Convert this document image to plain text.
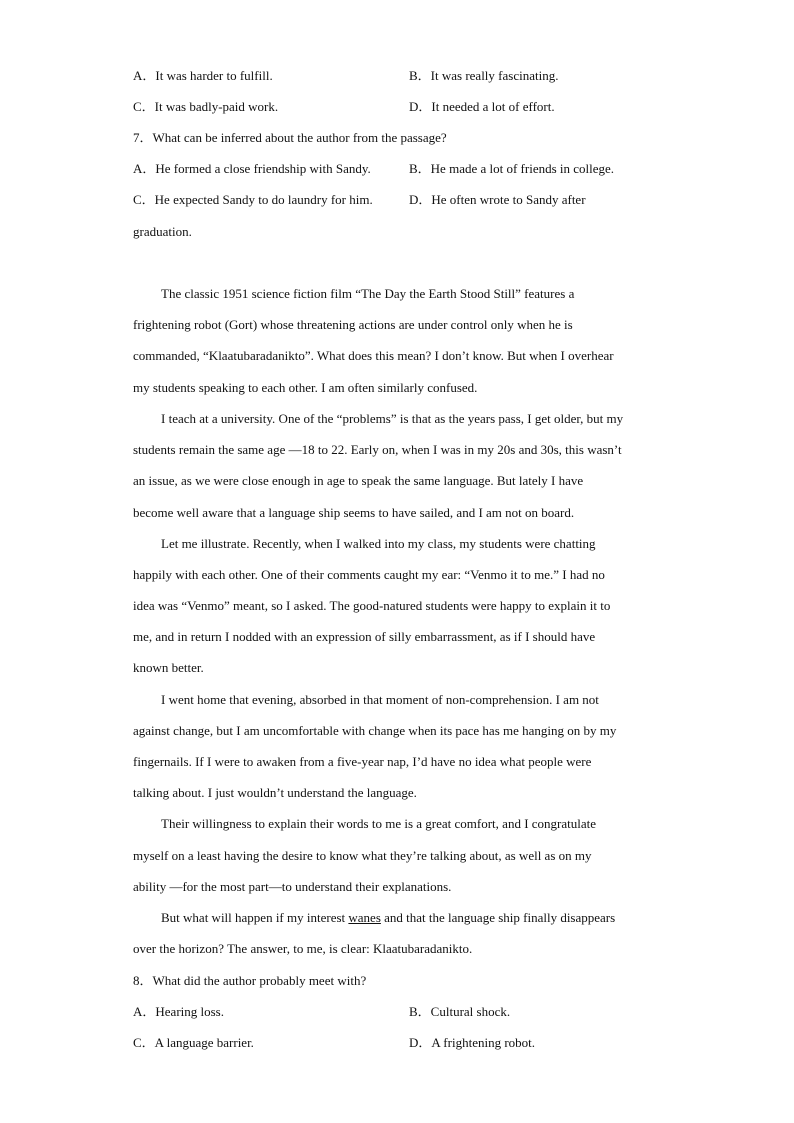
A．It was harder to fulfill.	B．It was really fascinating.
C．It was badly-paid work.	D．It needed a lot of effort.
7．What can be inferred about the author from the passage?
A．He formed a close friendship with Sandy.	B．He made a lot of friends in college.
C．He expected Sandy to do laundry for him.	D．He often wrote to Sandy after
graduation.
The classic 1951 science fiction film “The Day the Earth Stood Still” features a
frightening robot (Gort) whose threatening actions are under control only when he is
commanded, “Klaatubaradanikto”. What does this mean? I don’t know. But when I overhear
my students speaking to each other. I am often similarly confused.
I teach at a university. One of the “problems” is that as the years pass, I get older, but my
students remain the same age —18 to 22. Early on, when I was in my 20s and 30s, this wasn’t
an issue, as we were close enough in age to speak the same language. But lately I have
become well aware that a language ship seems to have sailed, and I am not on board.
Let me illustrate. Recently, when I walked into my class, my students were chatting
happily with each other. One of their comments caught my ear: “Venmo it to me.” I had no
idea was “Venmo” meant, so I asked. The good-natured students were happy to explain it to
me, and in return I nodded with an expression of silly embarrassment, as if I should have
known better.
I went home that evening, absorbed in that moment of non-comprehension. I am not
against change, but I am uncomfortable with change when its pace has me hanging on by my
fingernails. If I were to awaken from a five-year nap, I’d have no idea what people were
talking about. I just wouldn’t understand the language.
Their willingness to explain their words to me is a great comfort, and I congratulate
myself on a least having the desire to know what they’re talking about, as well as on my
ability —for the most part—to understand their explanations.
But what will happen if my interest wanes and that the language ship finally disappears
over the horizon? The answer, to me, is clear: Klaatubaradanikto.
8．What did the author probably meet with?
A．Hearing loss.	B．Cultural shock.
C．A language barrier.	D．A frightening robot.
